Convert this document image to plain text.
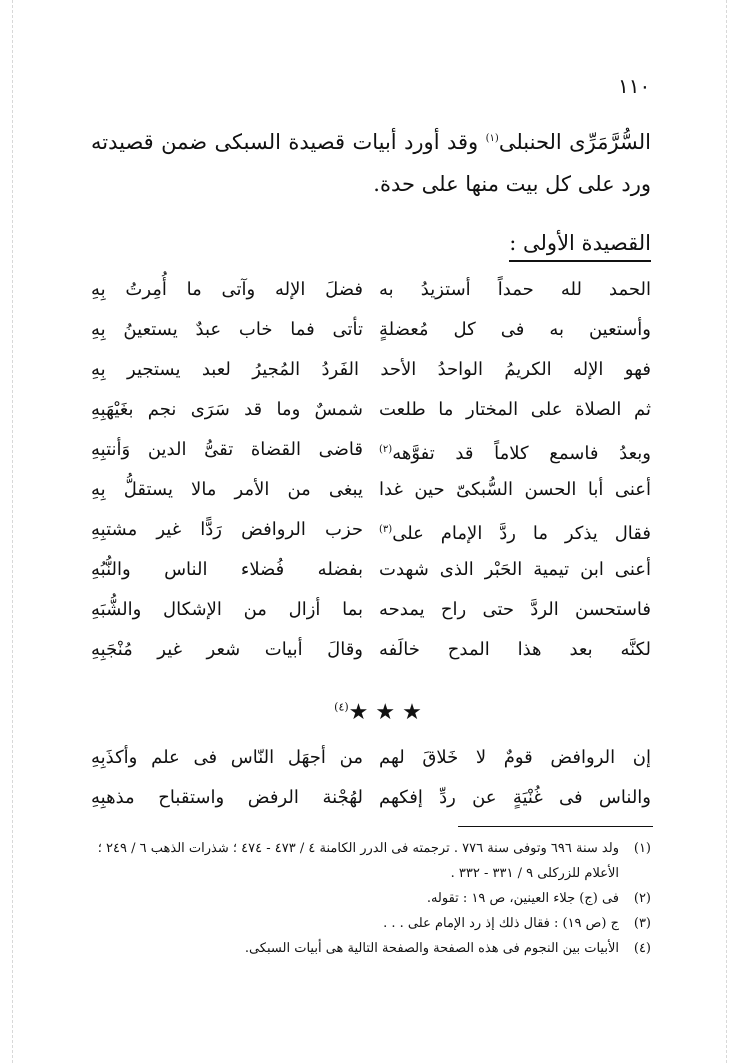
١١٠
السُّرَّمَرِّى الحنبلى$^{(١)}$ وقد أورد أبيات قصيدة السبكى ضمن قصيدته ورد على كل بيت منها على حدة.
القصيدة الأولى :
الحمد لله حمداً أستزيدُ به
فضلَ الإله وآتى ما أُمِرتُ بِهِ
وأستعين به فى كل مُعضلةٍ
تأتى فما خاب عبدٌ يستعينُ بِهِ
فهو الإله الكريمُ الواحدُ الأحد الفَردُ المُجيرُ لعبد يستجير بِهِ
ثم الصلاة على المختار ما طلعت
شمسٌ وما قد سَرَى نجم بغَيْهَبِهِ
وبعدُ فاسمع كلاماً قد تفوَّهه$^{(٢)}$
قاضى القضاة تقىُّ الدين وَأنتبِهِ
أعنى أبا الحسن السُّبكىّ حين غدا
يبغى من الأمر مالا يستقلُّ بِهِ
فقال يذكر ما ردَّ الإمام على$^{(٣)}$
حزب الروافض رَدًّا غير مشتبِهِ
أعنى ابن تيمية الحَبْر الذى شهدت
بفضله فُضلاء الناس والنُّبُهِ
فاستحسن الردَّ حتى راح يمدحه
بما أزال من الإشكال والشُّبَهِ
لكنَّه بعد هذا المدح خالَفه
وقالَ أبيات شعر غير مُنْجَبِهِ
★ ★ ★$^{(٤)}$
إن الروافض قومٌ لا خَلاقَ لهم
من أجهَل النّاس فى علم وأكذَبِهِ
والناس فى غُنْيَةٍ عن ردِّ إفكهم
لهُجْنة الرفض واستقباح مذهبِهِ
(١)
ولد سنة ٦٩٦ وتوفى سنة ٧٧٦ . ترجمته فى الدرر الكامنة ٤ / ٤٧٣ - ٤٧٤ ؛ شذرات الذهب ٦ / ٢٤٩ ؛ الأعلام للزركلى ٩ / ٣٣١ - ٣٣٢ .
(٢)
فى (ج) جلاء العينين، ص ١٩ : تقوله.
(٣)
ج (ص ١٩) : فقال ذلك إذ رد الإمام على . . .
(٤)
الأبيات بين النجوم فى هذه الصفحة والصفحة التالية هى أبيات السبكى.
